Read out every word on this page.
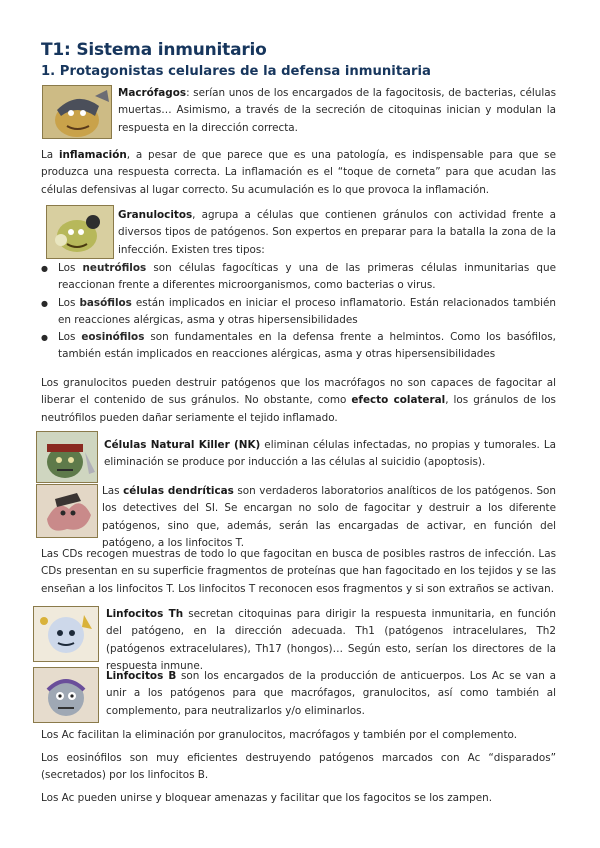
T1: Sistema inmunitario
1. Protagonistas celulares de la defensa inmunitaria

Macrófagos: serían unos de los encargados de la fagocitosis, de bacterias, células muertas… Asimismo, a través de la secreción de citoquinas inician y modulan la respuesta en la dirección correcta.

La inflamación, a pesar de que parece que es una patología, es indispensable para que se produzca una respuesta correcta. La inflamación es el “toque de corneta” para que acudan las células defensivas al lugar correcto. Su acumulación es lo que provoca la inflamación.

Granulocitos, agrupa a células que contienen gránulos con actividad frente a diversos tipos de patógenos. Son expertos en preparar para la batalla la zona de la infección. Existen tres tipos:

● Los neutrófilos son células fagocíticas y una de las primeras células inmunitarias que reaccionan frente a diferentes microorganismos, como bacterias o virus.
● Los basófilos están implicados en iniciar el proceso inflamatorio. Están relacionados también en reacciones alérgicas, asma y otras hipersensibilidades
● Los eosinófilos son fundamentales en la defensa frente a helmintos. Como los basófilos, también están implicados en reacciones alérgicas, asma y otras hipersensibilidades

Los granulocitos pueden destruir patógenos que los macrófagos no son capaces de fagocitar al liberar el contenido de sus gránulos. No obstante, como efecto colateral, los gránulos de los neutrófilos pueden dañar seriamente el tejido inflamado.

Células Natural Killer (NK) eliminan células infectadas, no propias y tumorales. La eliminación se produce por inducción a las células al suicidio (apoptosis).

Las células dendríticas son verdaderos laboratorios analíticos de los patógenos. Son los detectives del SI. Se encargan no solo de fagocitar y destruir a los diferente patógenos, sino que, además, serán las encargadas de activar, en función del patógeno, a los linfocitos T.

Las CDs recogen muestras de todo lo que fagocitan en busca de posibles rastros de infección. Las CDs presentan en su superficie fragmentos de proteínas que han fagocitado en los tejidos y se las enseñan a los linfocitos T. Los linfocitos T reconocen esos fragmentos y si son extraños se activan.

Linfocitos Th secretan citoquinas para dirigir la respuesta inmunitaria, en función del patógeno, en la dirección adecuada. Th1 (patógenos intracelulares, Th2 (patógenos extracelulares), Th17 (hongos)… Según esto, serían los directores de la respuesta inmune.

Linfocitos B son los encargados de la producción de anticuerpos. Los Ac se van a unir a los patógenos para que macrófagos, granulocitos, así como también al complemento, para neutralizarlos y/o eliminarlos.

Los Ac facilitan la eliminación por granulocitos, macrófagos y también por el complemento.

Los eosinófilos son muy eficientes destruyendo patógenos marcados con Ac “disparados” (secretados) por los linfocitos B.

Los Ac pueden unirse y bloquear amenazas y facilitar que los fagocitos se los zampen.
